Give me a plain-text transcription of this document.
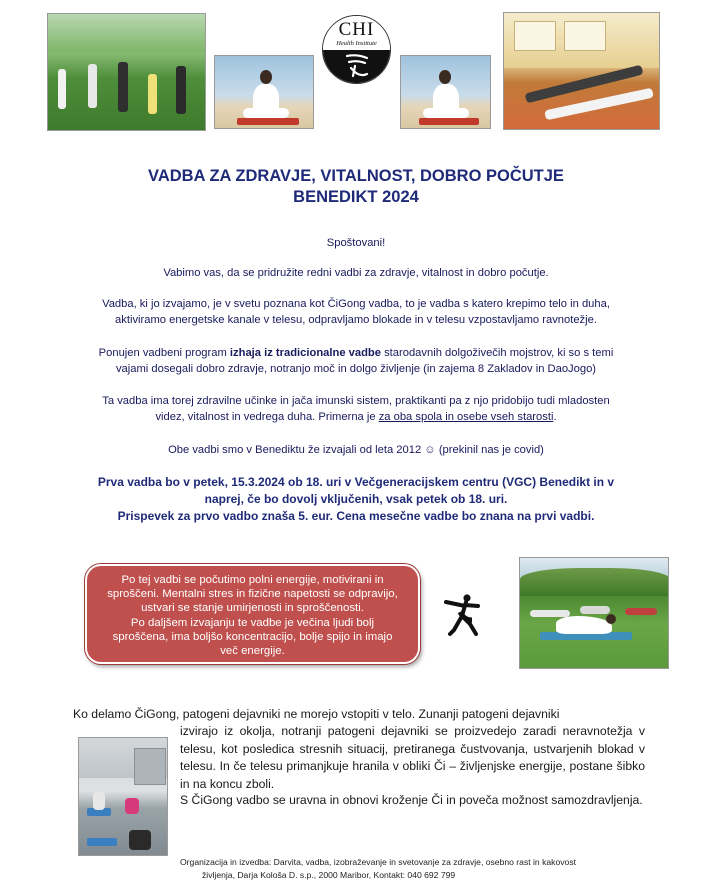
CHI
Health Institute
VADBA ZA ZDRAVJE, VITALNOST, DOBRO POČUTJE
BENEDIKT 2024

Spoštovani!

Vabimo vas, da se pridružite redni vadbi za zdravje, vitalnost in dobro počutje.

Vadba, ki jo izvajamo, je v svetu poznana kot ČiGong vadba, to je vadba s katero krepimo telo in duha,
aktiviramo energetske kanale v telesu, odpravljamo blokade in v telesu vzpostavljamo ravnotežje.

Ponujen vadbeni program izhaja iz tradicionalne vadbe starodavnih dolgoživečih mojstrov, ki so s temi
vajami dosegali dobro zdravje, notranjo moč in dolgo življenje (in zajema 8 Zakladov in DaoJogo)

Ta vadba ima torej zdravilne učinke in jača imunski sistem, praktikanti pa z njo pridobijo tudi mladosten
videz, vitalnost in vedrega duha. Primerna je za oba spola in osebe vseh starosti.

Obe vadbi smo v Benediktu že izvajali od leta 2012 ☺ (prekinil nas je covid)

Prva vadba bo v petek, 15.3.2024 ob 18. uri v Večgeneracijskem centru (VGC) Benedikt in v
naprej, če bo dovolj vključenih, vsak petek ob 18. uri.
Prispevek za prvo vadbo znaša 5. eur. Cena mesečne vadbe bo znana na prvi vadbi.

Po tej vadbi se počutimo polni energije, motivirani in
sproščeni. Mentalni stres in fizične napetosti se odpravijo,
ustvari se stanje umirjenosti in sproščenosti.
Po daljšem izvajanju te vadbe je večina ljudi bolj
sproščena, ima boljšo koncentracijo, bolje spijo in imajo
več energije.

Ko delamo ČiGong, patogeni dejavniki ne morejo vstopiti v telo. Zunanji patogeni dejavniki

izvirajo iz okolja, notranji patogeni dejavniki se proizvedejo zaradi neravnotežja v telesu, kot posledica stresnih situacij, pretiranega čustvovanja, ustvarjenih blokad v telesu. In če telesu primanjkuje hranila v obliki Či – življenjske energije, postane šibko in na koncu zboli.

S ČiGong vadbo se uravna in obnovi kroženje Či in poveča možnost samozdravljenja.

Organizacija in izvedba: Darvita, vadba, izobraževanje in svetovanje za zdravje, osebno rast in kakovost
življenja, Darja Kološa D. s.p., 2000 Maribor, Kontakt: 040 692 799
